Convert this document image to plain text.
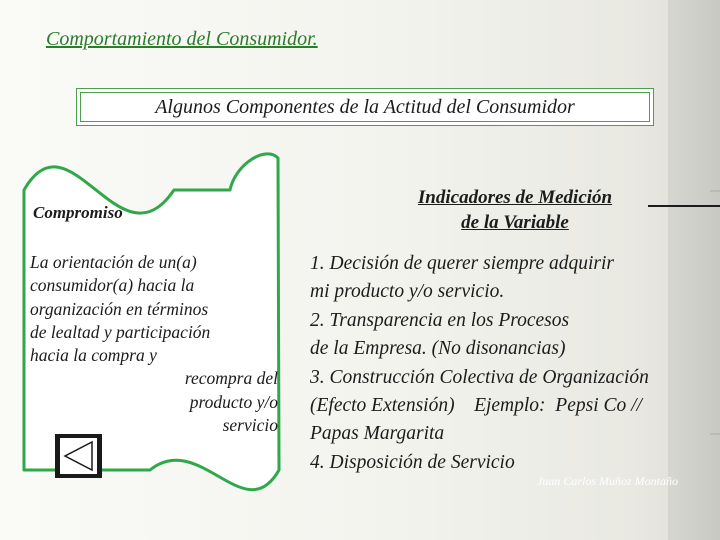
Comportamiento del Consumidor.
Algunos Componentes de la Actitud del Consumidor
Compromiso
La orientación de un(a)
consumidor(a) hacia la
organización en términos
de lealtad y participación
hacia la compra y
recompra del
producto y/o
servicio
Indicadores de Medición
de la Variable
1. Decisión de querer siempre adquirir
mi producto y/o servicio.
2. Transparencia en los Procesos
de la Empresa. (No disonancias)
3. Construcción Colectiva de Organización
(Efecto Extensión)    Ejemplo:  Pepsi Co //
Papas Margarita
4. Disposición de Servicio
Juan Carlos Muñoz Montaño
